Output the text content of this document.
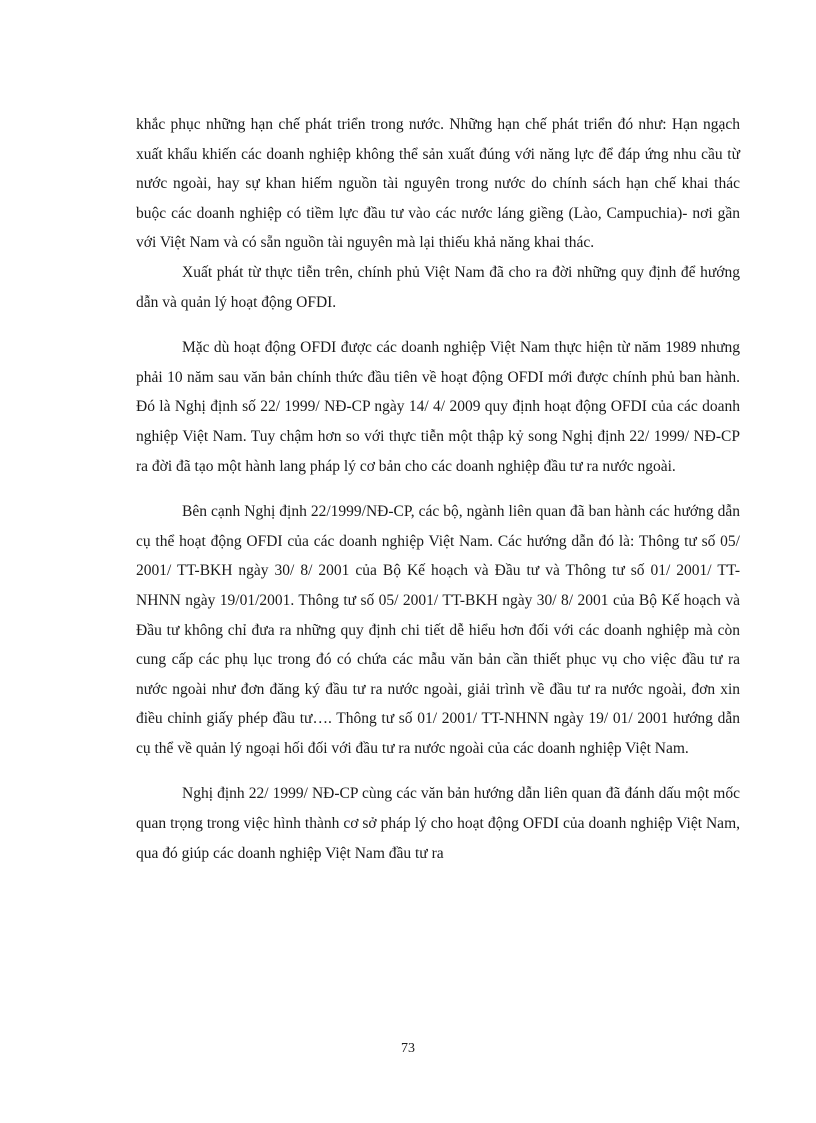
khắc phục những hạn chế phát triển trong nước. Những hạn chế phát triển đó như: Hạn ngạch xuất khẩu khiến các doanh nghiệp không thể sản xuất đúng với năng lực để đáp ứng nhu cầu từ nước ngoài, hay sự khan hiếm nguồn tài nguyên trong nước do chính sách hạn chế khai thác buộc các doanh nghiệp có tiềm lực đầu tư vào các nước láng giềng (Lào, Campuchia)- nơi gần với Việt Nam và có sẵn nguồn tài nguyên mà lại thiếu khả năng khai thác.

Xuất phát từ thực tiễn trên, chính phủ Việt Nam đã cho ra đời những quy định để hướng dẫn và quản lý hoạt động OFDI.

Mặc dù hoạt động OFDI được các doanh nghiệp Việt Nam thực hiện từ năm 1989 nhưng phải 10 năm sau văn bản chính thức đầu tiên về hoạt động OFDI mới được chính phủ ban hành. Đó là Nghị định số 22/ 1999/ NĐ-CP ngày 14/ 4/ 2009 quy định hoạt động OFDI của các doanh nghiệp Việt Nam. Tuy chậm hơn so với thực tiễn một thập kỷ song Nghị định 22/ 1999/ NĐ-CP ra đời đã tạo một hành lang pháp lý cơ bản cho các doanh nghiệp đầu tư ra nước ngoài.

Bên cạnh Nghị định 22/1999/NĐ-CP, các bộ, ngành liên quan đã ban hành các hướng dẫn cụ thể hoạt động OFDI của các doanh nghiệp Việt Nam. Các hướng dẫn đó là: Thông tư số 05/ 2001/ TT-BKH ngày 30/ 8/ 2001 của Bộ Kế hoạch và Đầu tư và Thông tư số 01/ 2001/ TT-NHNN ngày 19/01/2001. Thông tư số 05/ 2001/ TT-BKH ngày 30/ 8/ 2001 của Bộ Kế hoạch và Đầu tư không chỉ đưa ra những quy định chi tiết dễ hiểu hơn đối với các doanh nghiệp mà còn cung cấp các phụ lục trong đó có chứa các mẫu văn bản cần thiết phục vụ cho việc đầu tư ra nước ngoài như đơn đăng ký đầu tư ra nước ngoài, giải trình về đầu tư ra nước ngoài, đơn xin điều chỉnh giấy phép đầu tư…. Thông tư số 01/ 2001/ TT-NHNN ngày 19/ 01/ 2001 hướng dẫn cụ thể về quản lý ngoại hối đối với đầu tư ra nước ngoài của các doanh nghiệp Việt Nam.

Nghị định 22/ 1999/ NĐ-CP cùng các văn bản hướng dẫn liên quan đã đánh dấu một mốc quan trọng trong việc hình thành cơ sở pháp lý cho hoạt động OFDI của doanh nghiệp Việt Nam, qua đó giúp các doanh nghiệp Việt Nam đầu tư ra

73
